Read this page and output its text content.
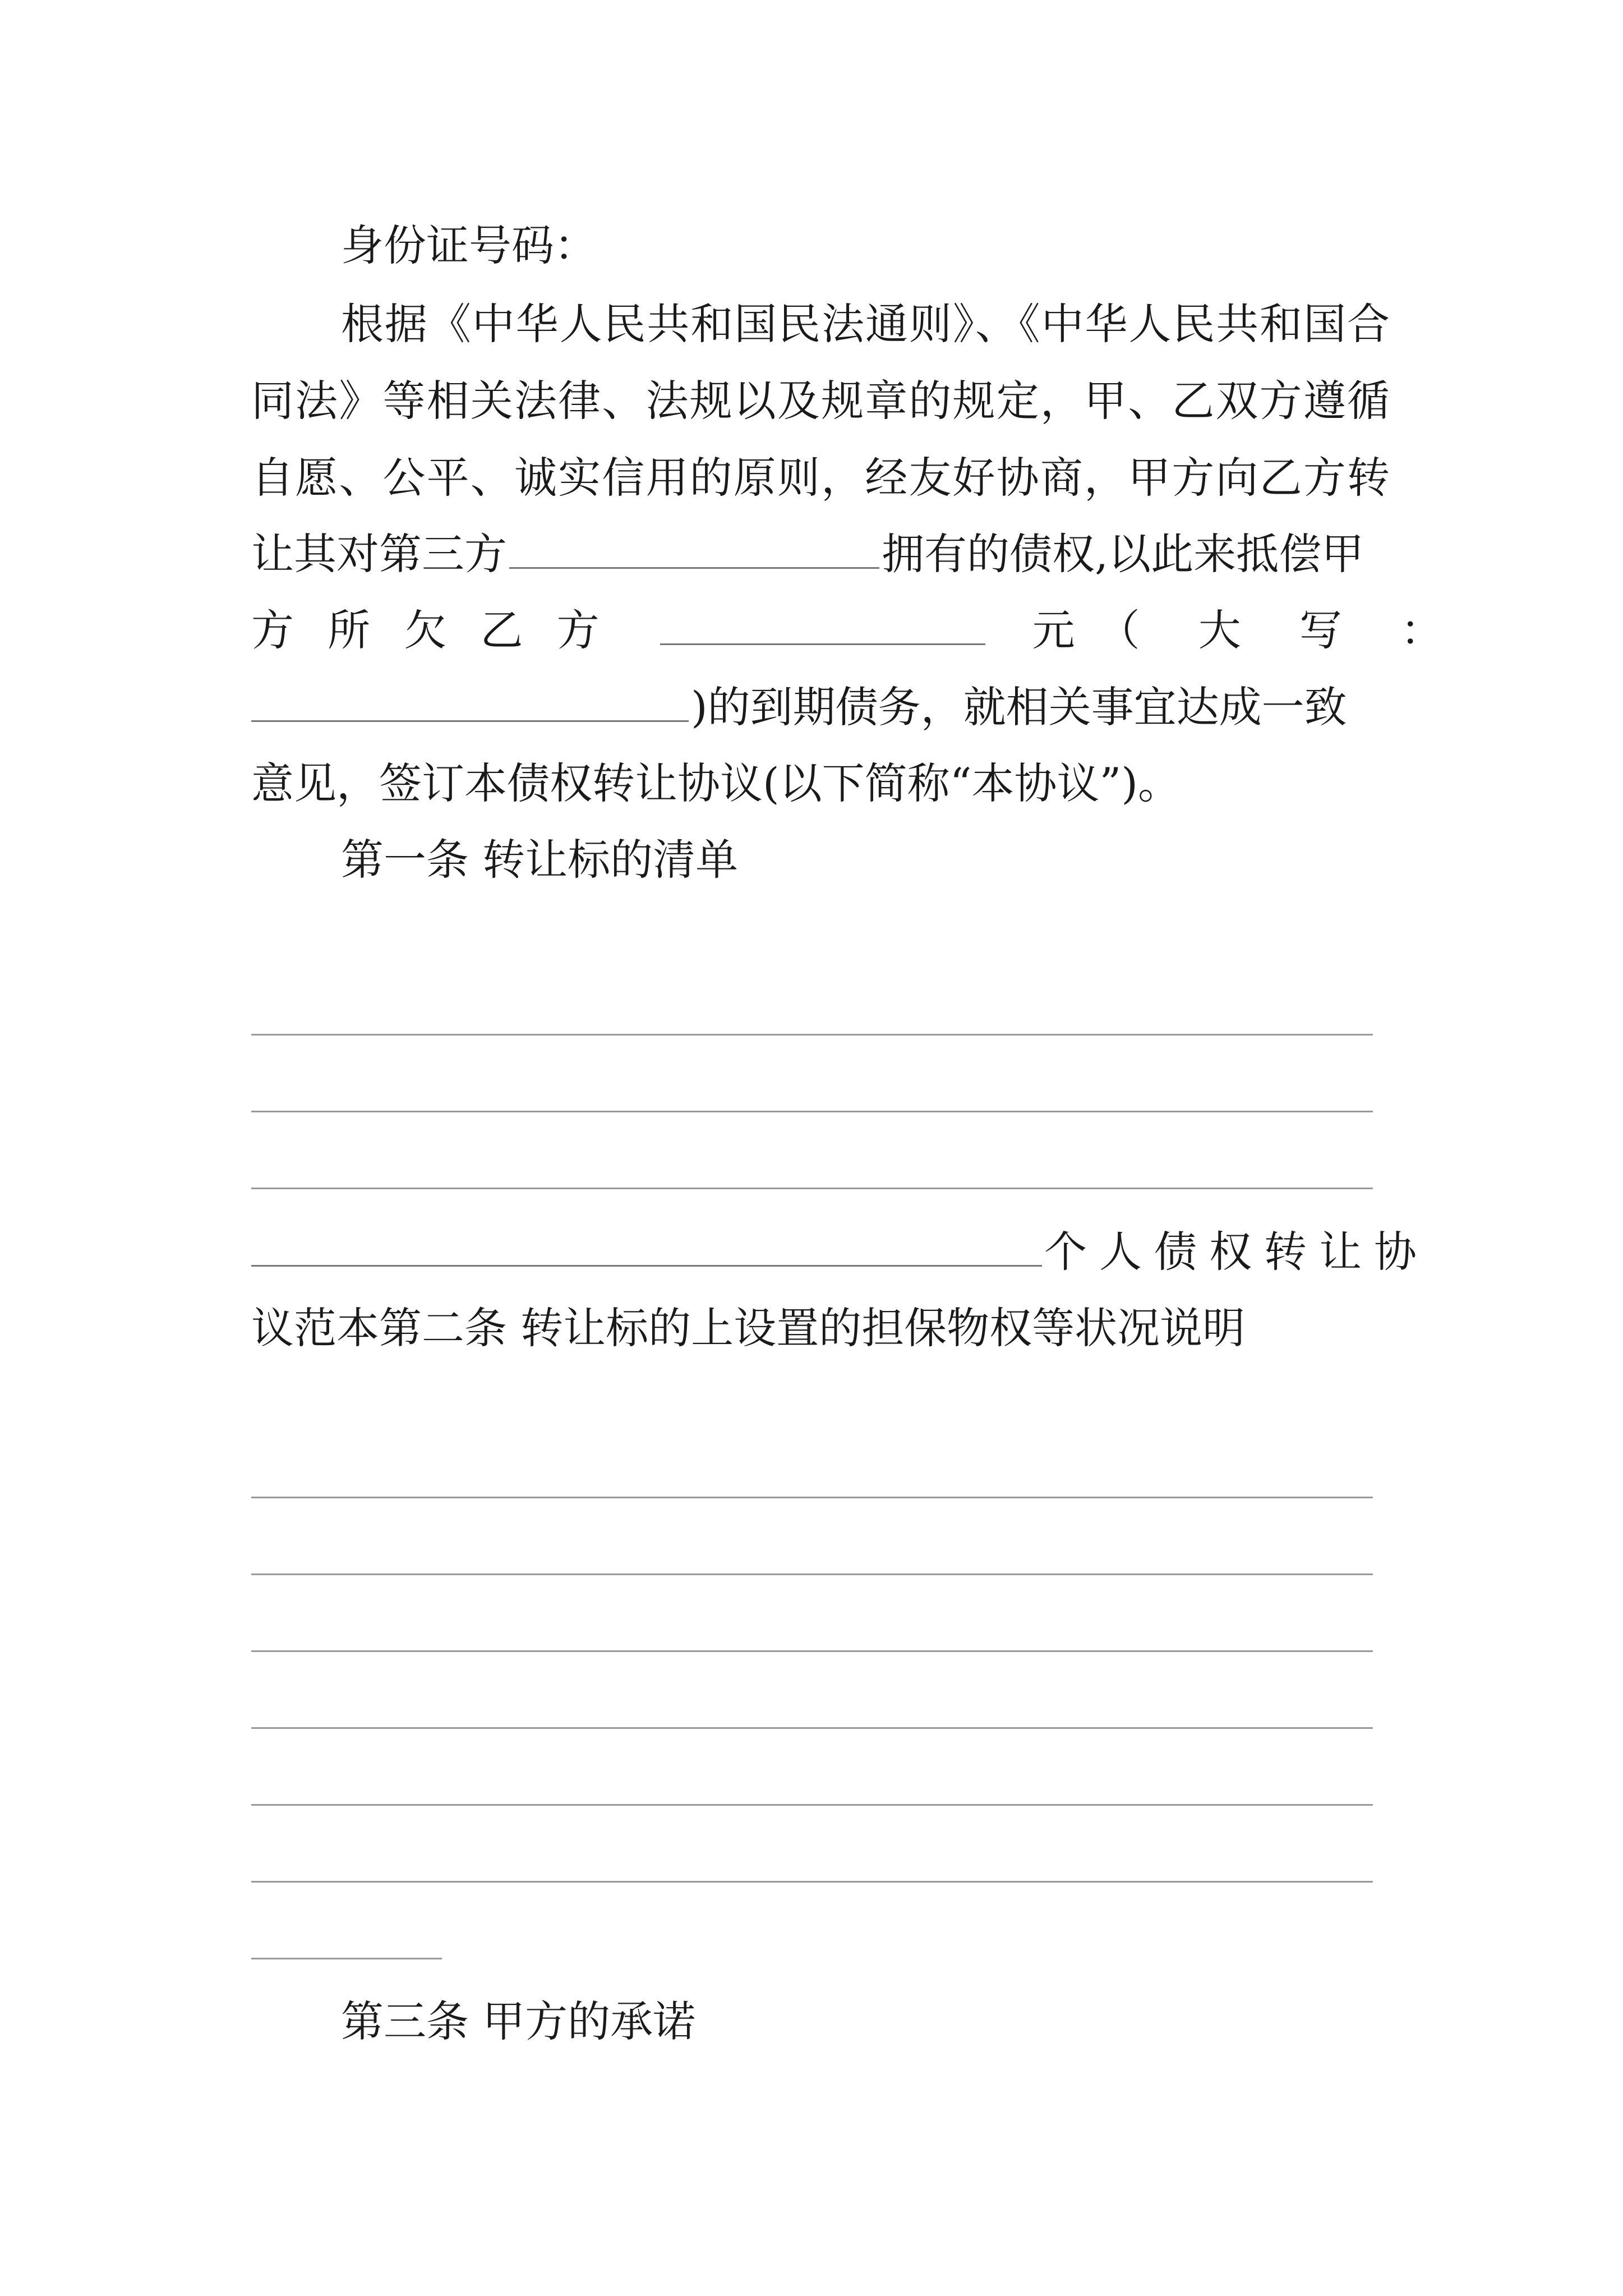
身份证号码：
根据《中华人民共和国民法通则》、《中华人民共和国合
同法》等相关法律、法规以及规章的规定，甲、乙双方遵循
自愿、公平、诚实信用的原则，经友好协商，甲方向乙方转
让其对第三方	拥有的债权,以此来抵偿甲
方 所 欠 乙 方	元（ 大 写 ：
)的到期债务，就相关事宜达成一致
意见，签订本债权转让协议(以下简称“本协议”)。
第一条 转让标的清单
个人债权转让协
议范本第二条 转让标的上设置的担保物权等状况说明
第三条 甲方的承诺
